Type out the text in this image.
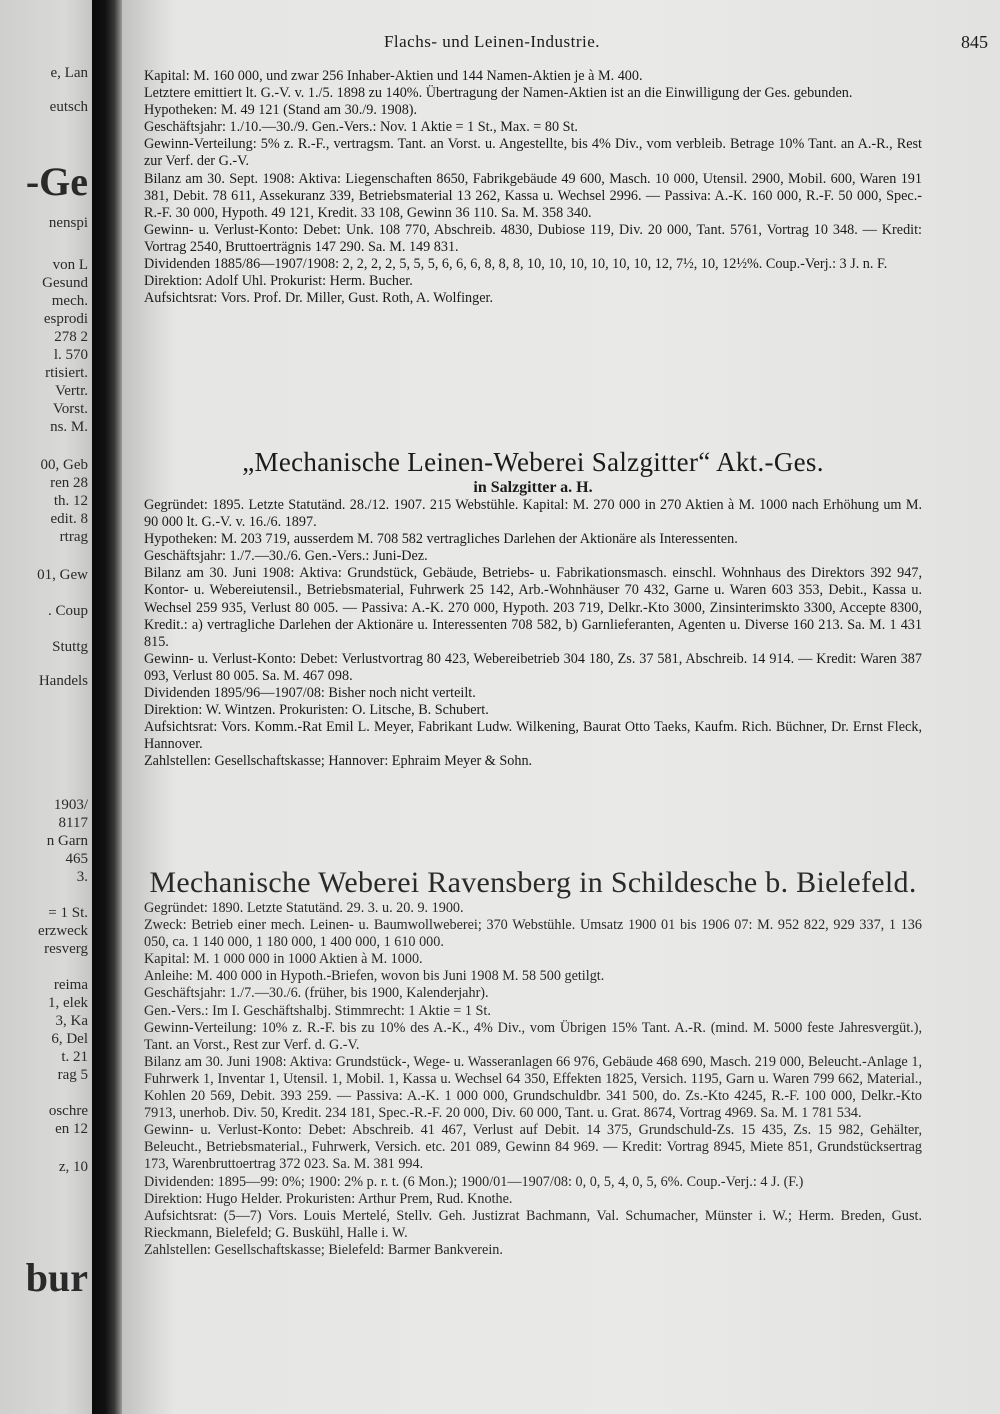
e, Lan
eutsch
-Ge
nenspi
von L
Gesund
mech.
esprodi
278 2
l. 570
rtisiert.
Vertr.
Vorst.
ns. M.
00, Geb
ren 28
th. 12
edit. 8
rtrag
01, Gew
. Coup
Stuttg
Handels
1903/
8117
n Garn
465
3.
= 1 St.
erzweck
resverg
reima
1, elek
3, Ka
6, Del
t. 21
rag 5
oschre
en 12
z, 10
bur
Flachs- und Leinen-Industrie.	845

Kapital: M. 160 000, und zwar 256 Inhaber-Aktien und 144 Namen-Aktien je à M. 400.

Letztere emittiert lt. G.-V. v. 1./5. 1898 zu 140%. Übertragung der Namen-Aktien ist an die Einwilligung der Ges. gebunden.

Hypotheken: M. 49 121 (Stand am 30./9. 1908).

Geschäftsjahr: 1./10.—30./9. Gen.-Vers.: Nov. 1 Aktie = 1 St., Max. = 80 St.

Gewinn-Verteilung: 5% z. R.-F., vertragsm. Tant. an Vorst. u. Angestellte, bis 4% Div., vom verbleib. Betrage 10% Tant. an A.-R., Rest zur Verf. der G.-V.

Bilanz am 30. Sept. 1908: Aktiva: Liegenschaften 8650, Fabrikgebäude 49 600, Masch. 10 000, Utensil. 2900, Mobil. 600, Waren 191 381, Debit. 78 611, Assekuranz 339, Betriebsmaterial 13 262, Kassa u. Wechsel 2996. — Passiva: A.-K. 160 000, R.-F. 50 000, Spec.-R.-F. 30 000, Hypoth. 49 121, Kredit. 33 108, Gewinn 36 110. Sa. M. 358 340.

Gewinn- u. Verlust-Konto: Debet: Unk. 108 770, Abschreib. 4830, Dubiose 119, Div. 20 000, Tant. 5761, Vortrag 10 348. — Kredit: Vortrag 2540, Bruttoerträgnis 147 290. Sa. M. 149 831.

Dividenden 1885/86—1907/1908: 2, 2, 2, 2, 5, 5, 5, 6, 6, 6, 8, 8, 8, 10, 10, 10, 10, 10, 10, 12, 7½, 10, 12½%. Coup.-Verj.: 3 J. n. F.

Direktion: Adolf Uhl. Prokurist: Herm. Bucher.

Aufsichtsrat: Vors. Prof. Dr. Miller, Gust. Roth, A. Wolfinger.

„Mechanische Leinen-Weberei Salzgitter“ Akt.-Ges.

in Salzgitter a. H.

Gegründet: 1895. Letzte Statutänd. 28./12. 1907. 215 Webstühle. Kapital: M. 270 000 in 270 Aktien à M. 1000 nach Erhöhung um M. 90 000 lt. G.-V. v. 16./6. 1897.

Hypotheken: M. 203 719, ausserdem M. 708 582 vertragliches Darlehen der Aktionäre als Interessenten.

Geschäftsjahr: 1./7.—30./6. Gen.-Vers.: Juni-Dez.

Bilanz am 30. Juni 1908: Aktiva: Grundstück, Gebäude, Betriebs- u. Fabrikationsmasch. einschl. Wohnhaus des Direktors 392 947, Kontor- u. Webereiutensil., Betriebsmaterial, Fuhrwerk 25 142, Arb.-Wohnhäuser 70 432, Garne u. Waren 603 353, Debit., Kassa u. Wechsel 259 935, Verlust 80 005. — Passiva: A.-K. 270 000, Hypoth. 203 719, Delkr.-Kto 3000, Zinsinterimskto 3300, Accepte 8300, Kredit.: a) vertragliche Darlehen der Aktionäre u. Interessenten 708 582, b) Garnlieferanten, Agenten u. Diverse 160 213. Sa. M. 1 431 815.

Gewinn- u. Verlust-Konto: Debet: Verlustvortrag 80 423, Webereibetrieb 304 180, Zs. 37 581, Abschreib. 14 914. — Kredit: Waren 387 093, Verlust 80 005. Sa. M. 467 098.

Dividenden 1895/96—1907/08: Bisher noch nicht verteilt.

Direktion: W. Wintzen. Prokuristen: O. Litsche, B. Schubert.

Aufsichtsrat: Vors. Komm.-Rat Emil L. Meyer, Fabrikant Ludw. Wilkening, Baurat Otto Taeks, Kaufm. Rich. Büchner, Dr. Ernst Fleck, Hannover.

Zahlstellen: Gesellschaftskasse; Hannover: Ephraim Meyer & Sohn.

Mechanische Weberei Ravensberg in Schildesche b. Bielefeld.

Gegründet: 1890. Letzte Statutänd. 29. 3. u. 20. 9. 1900.

Zweck: Betrieb einer mech. Leinen- u. Baumwollweberei; 370 Webstühle. Umsatz 1900 01 bis 1906 07: M. 952 822, 929 337, 1 136 050, ca. 1 140 000, 1 180 000, 1 400 000, 1 610 000.

Kapital: M. 1 000 000 in 1000 Aktien à M. 1000.

Anleihe: M. 400 000 in Hypoth.-Briefen, wovon bis Juni 1908 M. 58 500 getilgt.

Geschäftsjahr: 1./7.—30./6. (früher, bis 1900, Kalenderjahr).

Gen.-Vers.: Im I. Geschäftshalbj. Stimmrecht: 1 Aktie = 1 St.

Gewinn-Verteilung: 10% z. R.-F. bis zu 10% des A.-K., 4% Div., vom Übrigen 15% Tant. A.-R. (mind. M. 5000 feste Jahresvergüt.), Tant. an Vorst., Rest zur Verf. d. G.-V.

Bilanz am 30. Juni 1908: Aktiva: Grundstück-, Wege- u. Wasseranlagen 66 976, Gebäude 468 690, Masch. 219 000, Beleucht.-Anlage 1, Fuhrwerk 1, Inventar 1, Utensil. 1, Mobil. 1, Kassa u. Wechsel 64 350, Effekten 1825, Versich. 1195, Garn u. Waren 799 662, Material., Kohlen 20 569, Debit. 393 259. — Passiva: A.-K. 1 000 000, Grundschuldbr. 341 500, do. Zs.-Kto 4245, R.-F. 100 000, Delkr.-Kto 7913, unerhob. Div. 50, Kredit. 234 181, Spec.-R.-F. 20 000, Div. 60 000, Tant. u. Grat. 8674, Vortrag 4969. Sa. M. 1 781 534.

Gewinn- u. Verlust-Konto: Debet: Abschreib. 41 467, Verlust auf Debit. 14 375, Grundschuld-Zs. 15 435, Zs. 15 982, Gehälter, Beleucht., Betriebsmaterial., Fuhrwerk, Versich. etc. 201 089, Gewinn 84 969. — Kredit: Vortrag 8945, Miete 851, Grundstücksertrag 173, Warenbruttoertrag 372 023. Sa. M. 381 994.

Dividenden: 1895—99: 0%; 1900: 2% p. r. t. (6 Mon.); 1900/01—1907/08: 0, 0, 5, 4, 0, 5, 6%. Coup.-Verj.: 4 J. (F.)

Direktion: Hugo Helder. Prokuristen: Arthur Prem, Rud. Knothe.

Aufsichtsrat: (5—7) Vors. Louis Mertelé, Stellv. Geh. Justizrat Bachmann, Val. Schumacher, Münster i. W.; Herm. Breden, Gust. Rieckmann, Bielefeld; G. Buskühl, Halle i. W.

Zahlstellen: Gesellschaftskasse; Bielefeld: Barmer Bankverein.
